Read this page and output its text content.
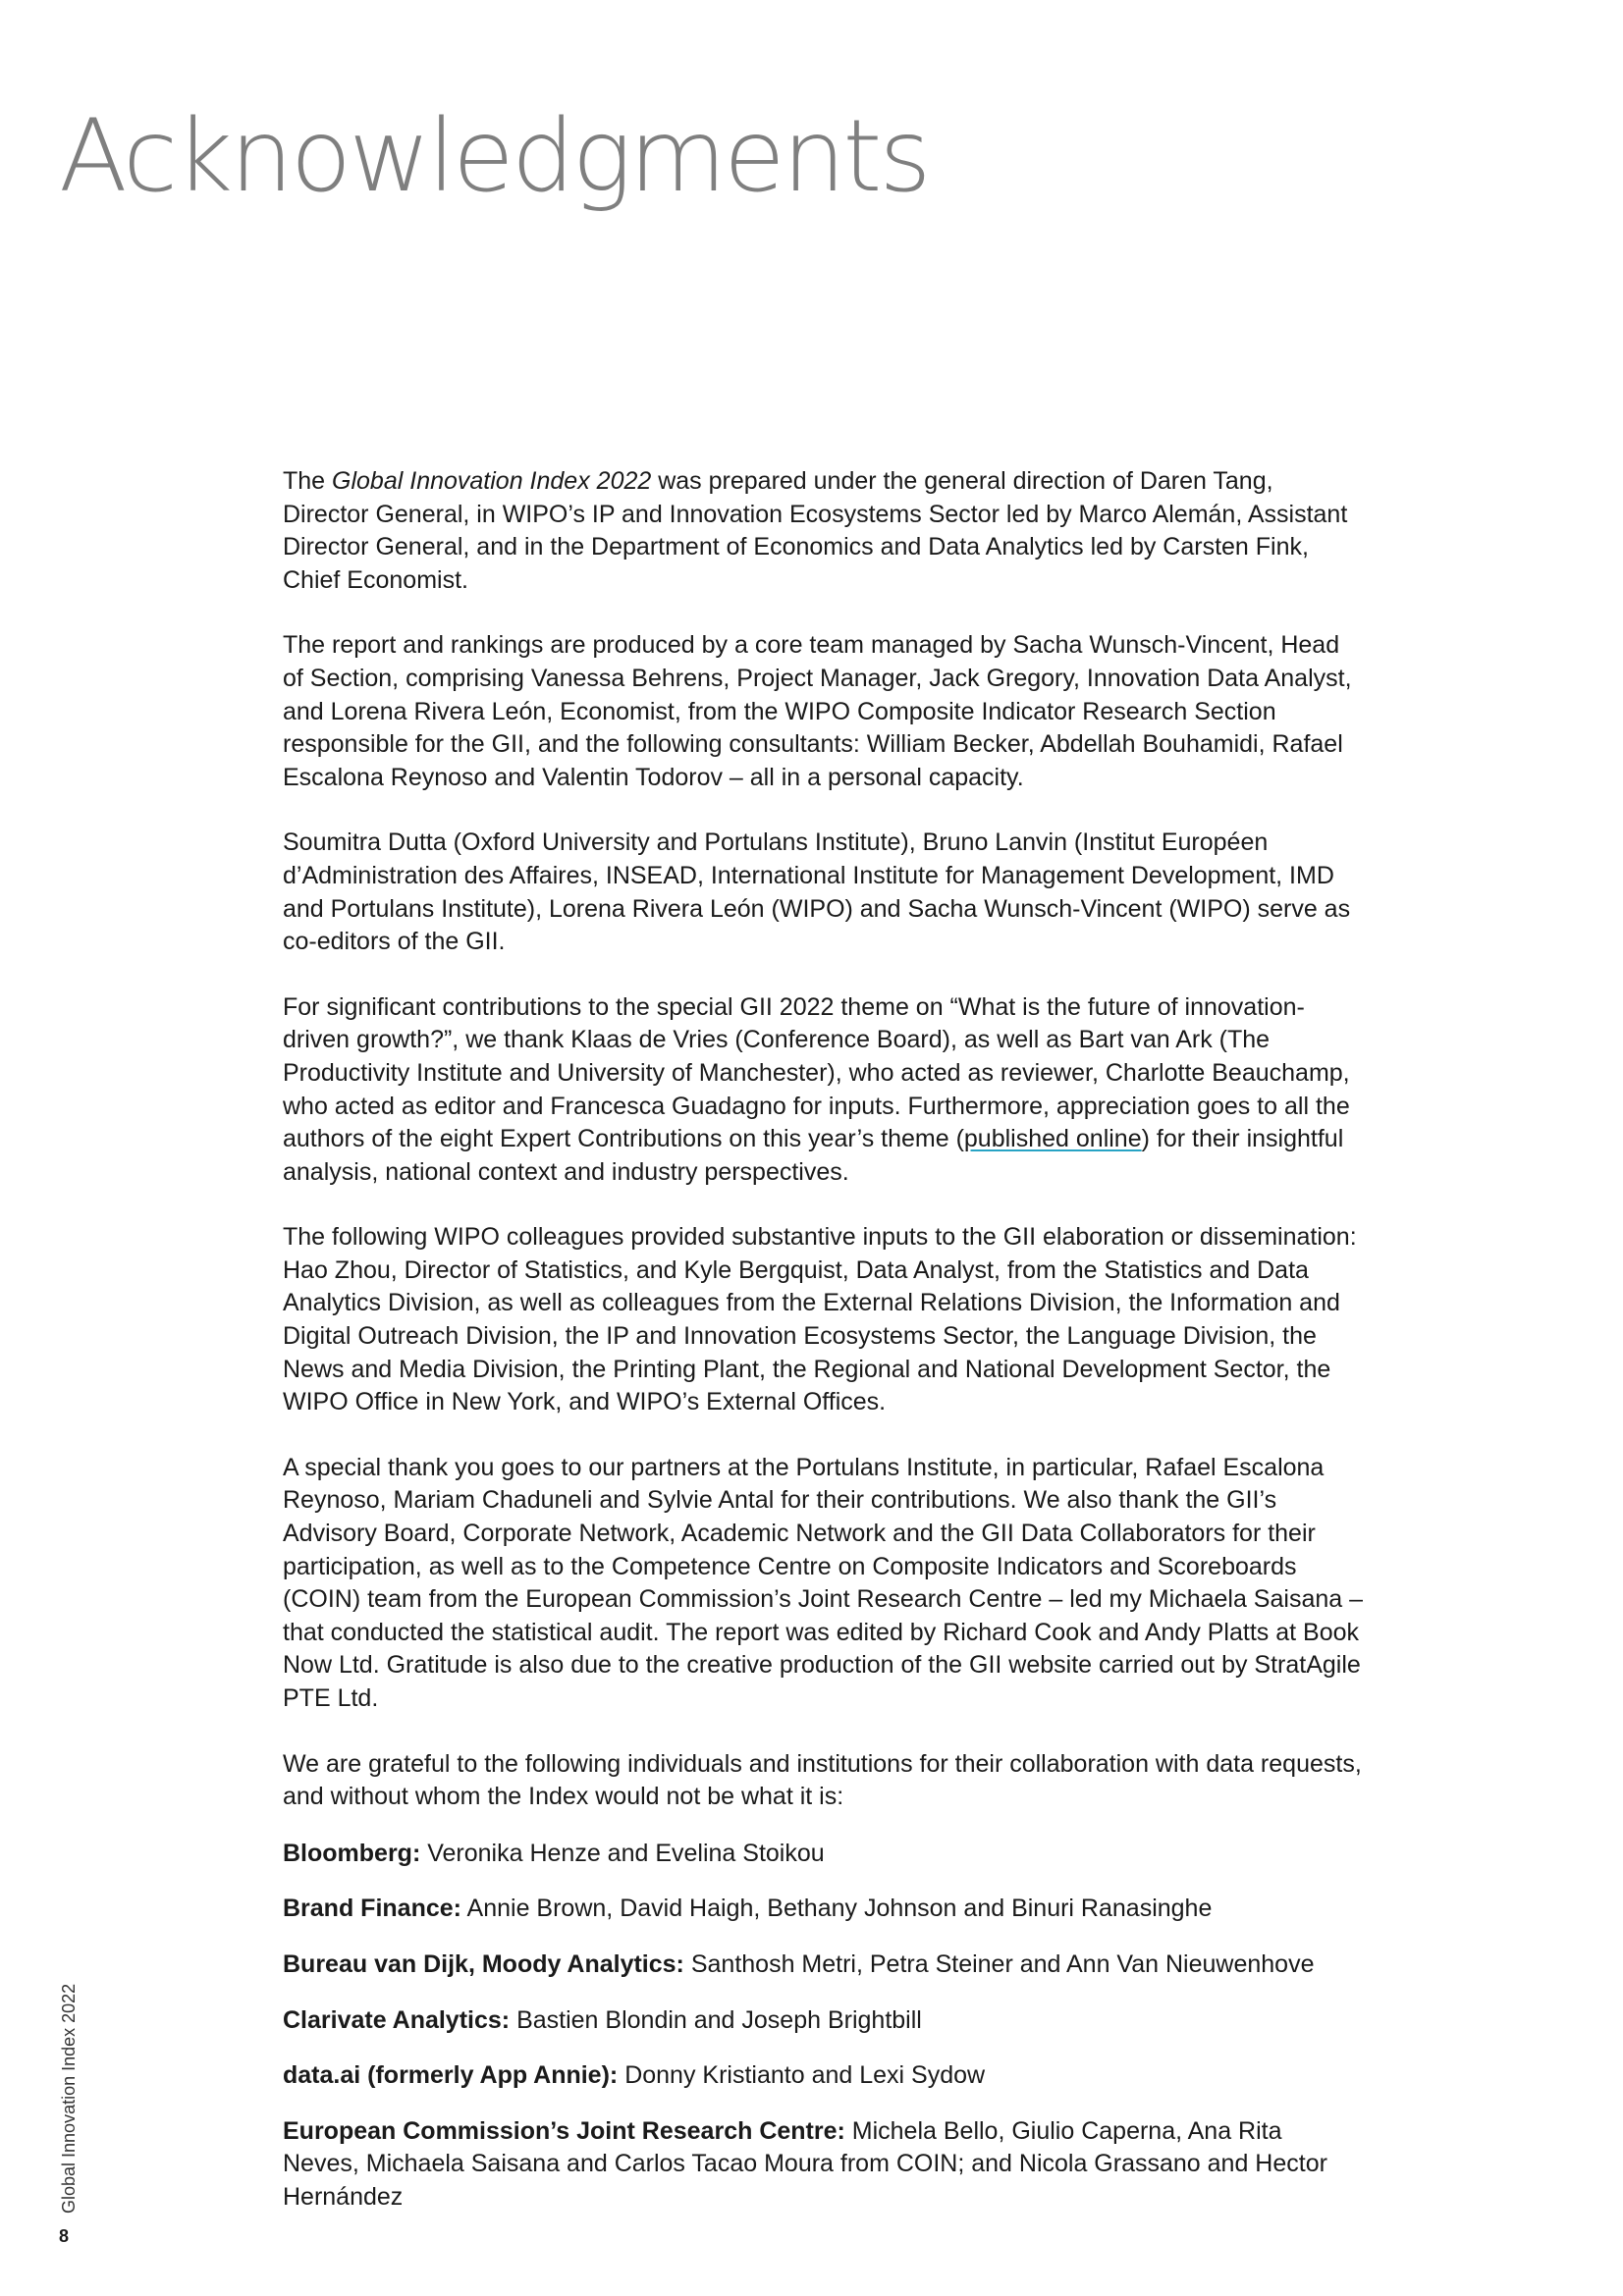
Acknowledgments

The Global Innovation Index 2022 was prepared under the general direction of Daren Tang, Director General, in WIPO’s IP and Innovation Ecosystems Sector led by Marco Alemán, Assistant Director General, and in the Department of Economics and Data Analytics led by Carsten Fink, Chief Economist.

The report and rankings are produced by a core team managed by Sacha Wunsch-Vincent, Head of Section, comprising Vanessa Behrens, Project Manager, Jack Gregory, Innovation Data Analyst, and Lorena Rivera León, Economist, from the WIPO Composite Indicator Research Section responsible for the GII, and the following consultants: William Becker, Abdellah Bouhamidi, Rafael Escalona Reynoso and Valentin Todorov – all in a personal capacity.

Soumitra Dutta (Oxford University and Portulans Institute), Bruno Lanvin (Institut Européen d’Administration des Affaires, INSEAD, International Institute for Management Development, IMD and Portulans Institute), Lorena Rivera León (WIPO) and Sacha Wunsch-Vincent (WIPO) serve as co-editors of the GII.

For significant contributions to the special GII 2022 theme on “What is the future of innovation-driven growth?”, we thank Klaas de Vries (Conference Board), as well as Bart van Ark (The Productivity Institute and University of Manchester), who acted as reviewer, Charlotte Beauchamp, who acted as editor and Francesca Guadagno for inputs. Furthermore, appreciation goes to all the authors of the eight Expert Contributions on this year’s theme (published online) for their insightful analysis, national context and industry perspectives.

The following WIPO colleagues provided substantive inputs to the GII elaboration or dissemination: Hao Zhou, Director of Statistics, and Kyle Bergquist, Data Analyst, from the Statistics and Data Analytics Division, as well as colleagues from the External Relations Division, the Information and Digital Outreach Division, the IP and Innovation Ecosystems Sector, the Language Division, the News and Media Division, the Printing Plant, the Regional and National Development Sector, the WIPO Office in New York, and WIPO’s External Offices.

A special thank you goes to our partners at the Portulans Institute, in particular, Rafael Escalona Reynoso, Mariam Chaduneli and Sylvie Antal for their contributions. We also thank the GII’s Advisory Board, Corporate Network, Academic Network and the GII Data Collaborators for their participation, as well as to the Competence Centre on Composite Indicators and Scoreboards (COIN) team from the European Commission’s Joint Research Centre – led my Michaela Saisana – that conducted the statistical audit. The report was edited by Richard Cook and Andy Platts at Book Now Ltd. Gratitude is also due to the creative production of the GII website carried out by StratAgile PTE Ltd.

We are grateful to the following individuals and institutions for their collaboration with data requests, and without whom the Index would not be what it is:

Bloomberg: Veronika Henze and Evelina Stoikou

Brand Finance: Annie Brown, David Haigh, Bethany Johnson and Binuri Ranasinghe

Bureau van Dijk, Moody Analytics: Santhosh Metri, Petra Steiner and Ann Van Nieuwenhove

Clarivate Analytics: Bastien Blondin and Joseph Brightbill

data.ai (formerly App Annie): Donny Kristianto and Lexi Sydow

European Commission’s Joint Research Centre: Michela Bello, Giulio Caperna, Ana Rita Neves, Michaela Saisana and Carlos Tacao Moura from COIN; and Nicola Grassano and Hector Hernández

Global Innovation Index 2022
8
